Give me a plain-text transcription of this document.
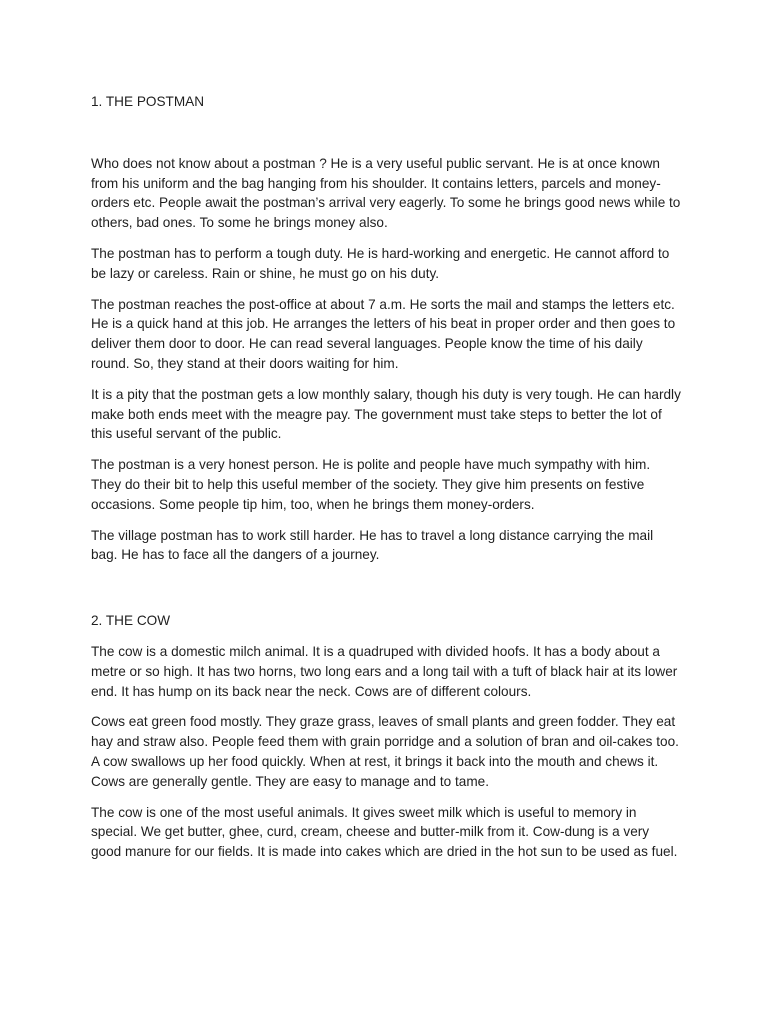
1. THE POSTMAN

Who does not know about a postman ? He is a very useful public servant. He is at once known from his uniform and the bag hanging from his shoulder. It contains letters, parcels and money-orders etc. People await the postman’s arrival very eagerly. To some he brings good news while to others, bad ones. To some he brings money also.

The postman has to perform a tough duty. He is hard-working and energetic. He cannot afford to be lazy or careless. Rain or shine, he must go on his duty.

The postman reaches the post-office at about 7 a.m. He sorts the mail and stamps the letters etc. He is a quick hand at this job. He arranges the letters of his beat in proper order and then goes to deliver them door to door. He can read several languages. People know the time of his daily round. So, they stand at their doors waiting for him.

It is a pity that the postman gets a low monthly salary, though his duty is very tough. He can hardly make both ends meet with the meagre pay. The government must take steps to better the lot of this useful servant of the public.

The postman is a very honest person. He is polite and people have much sympathy with him. They do their bit to help this useful member of the society. They give him presents on festive occasions. Some people tip him, too, when he brings them money-orders.

The village postman has to work still harder. He has to travel a long distance carrying the mail bag. He has to face all the dangers of a journey.

2. THE COW

The cow is a domestic milch animal. It is a quadruped with divided hoofs. It has a body about a metre or so high. It has two horns, two long ears and a long tail with a tuft of black hair at its lower end. It has hump on its back near the neck. Cows are of different colours.

Cows eat green food mostly. They graze grass, leaves of small plants and green fodder. They eat hay and straw also. People feed them with grain porridge and a solution of bran and oil-cakes too. A cow swallows up her food quickly. When at rest, it brings it back into the mouth and chews it. Cows are generally gentle. They are easy to manage and to tame.

The cow is one of the most useful animals. It gives sweet milk which is useful to memory in special. We get butter, ghee, curd, cream, cheese and butter-milk from it. Cow-dung is a very good manure for our fields. It is made into cakes which are dried in the hot sun to be used as fuel.
